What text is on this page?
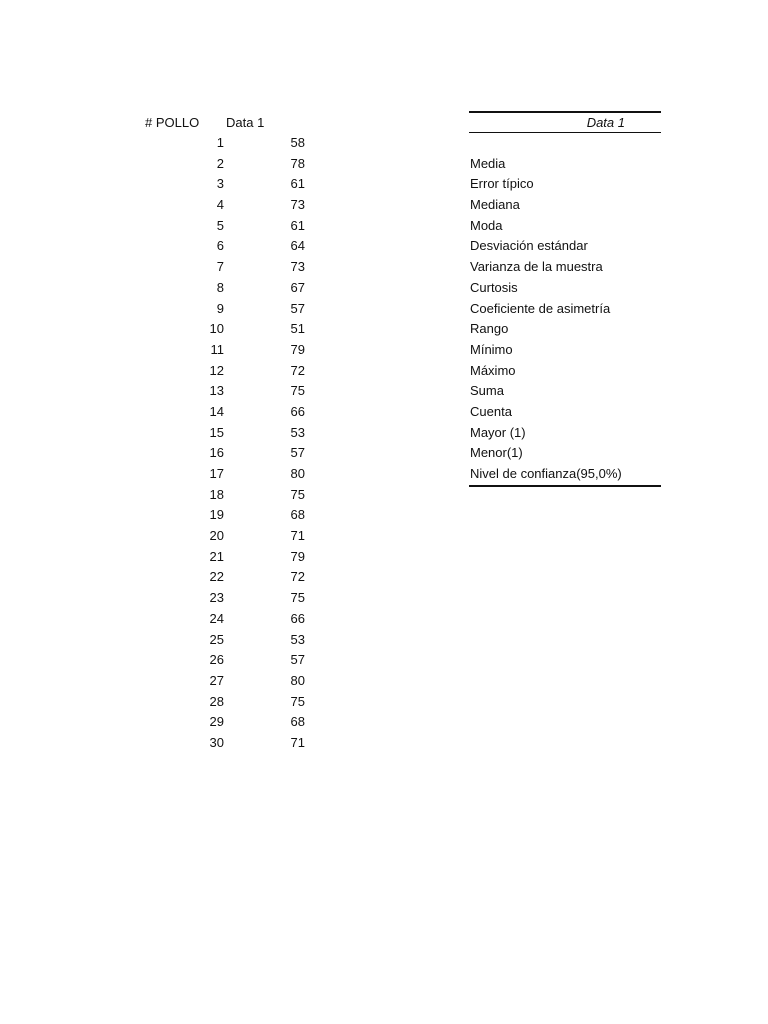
# POLLO Data 1
1	58
2	78
3	61
4	73
5	61
6	64
7	73
8	67
9	57
10	51
11	79
12	72
13	75
14	66
15	53
16	57
17	80
18	75
19	68
20	71
21	79
22	72
23	75
24	66
25	53
26	57
27	80
28	75
29	68
30	71
Data 1
Media
Error típico
Mediana
Moda
Desviación estándar
Varianza de la muestra
Curtosis
Coeficiente de asimetría
Rango
Mínimo
Máximo
Suma
Cuenta
Mayor (1)
Menor(1)
Nivel de confianza(95,0%)
